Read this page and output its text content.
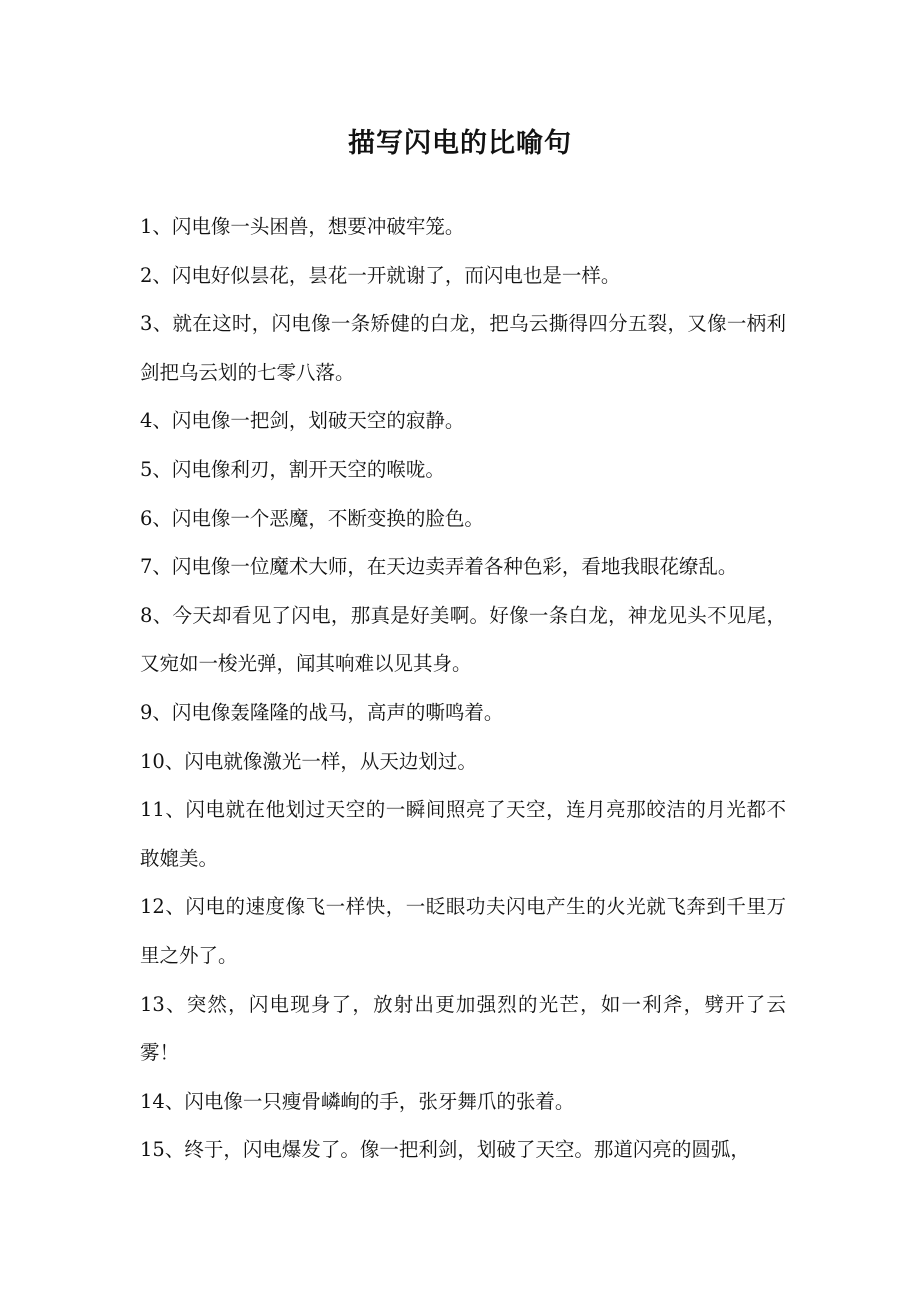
描写闪电的比喻句

1、闪电像一头困兽，想要冲破牢笼。

2、闪电好似昙花，昙花一开就谢了，而闪电也是一样。

3、就在这时，闪电像一条矫健的白龙，把乌云撕得四分五裂，又像一柄利剑把乌云划的七零八落。

4、闪电像一把剑，划破天空的寂静。

5、闪电像利刃，割开天空的喉咙。

6、闪电像一个恶魔，不断变换的脸色。

7、闪电像一位魔术大师，在天边卖弄着各种色彩，看地我眼花缭乱。

8、今天却看见了闪电，那真是好美啊。好像一条白龙，神龙见头不见尾，又宛如一梭光弹，闻其响难以见其身。

9、闪电像轰隆隆的战马，高声的嘶鸣着。

10、闪电就像激光一样，从天边划过。

11、闪电就在他划过天空的一瞬间照亮了天空，连月亮那皎洁的月光都不敢媲美。

12、闪电的速度像飞一样快，一眨眼功夫闪电产生的火光就飞奔到千里万里之外了。

13、突然，闪电现身了，放射出更加强烈的光芒，如一利斧，劈开了云雾！

14、闪电像一只瘦骨嶙峋的手，张牙舞爪的张着。

15、终于，闪电爆发了。像一把利剑，划破了天空。那道闪亮的圆弧，
